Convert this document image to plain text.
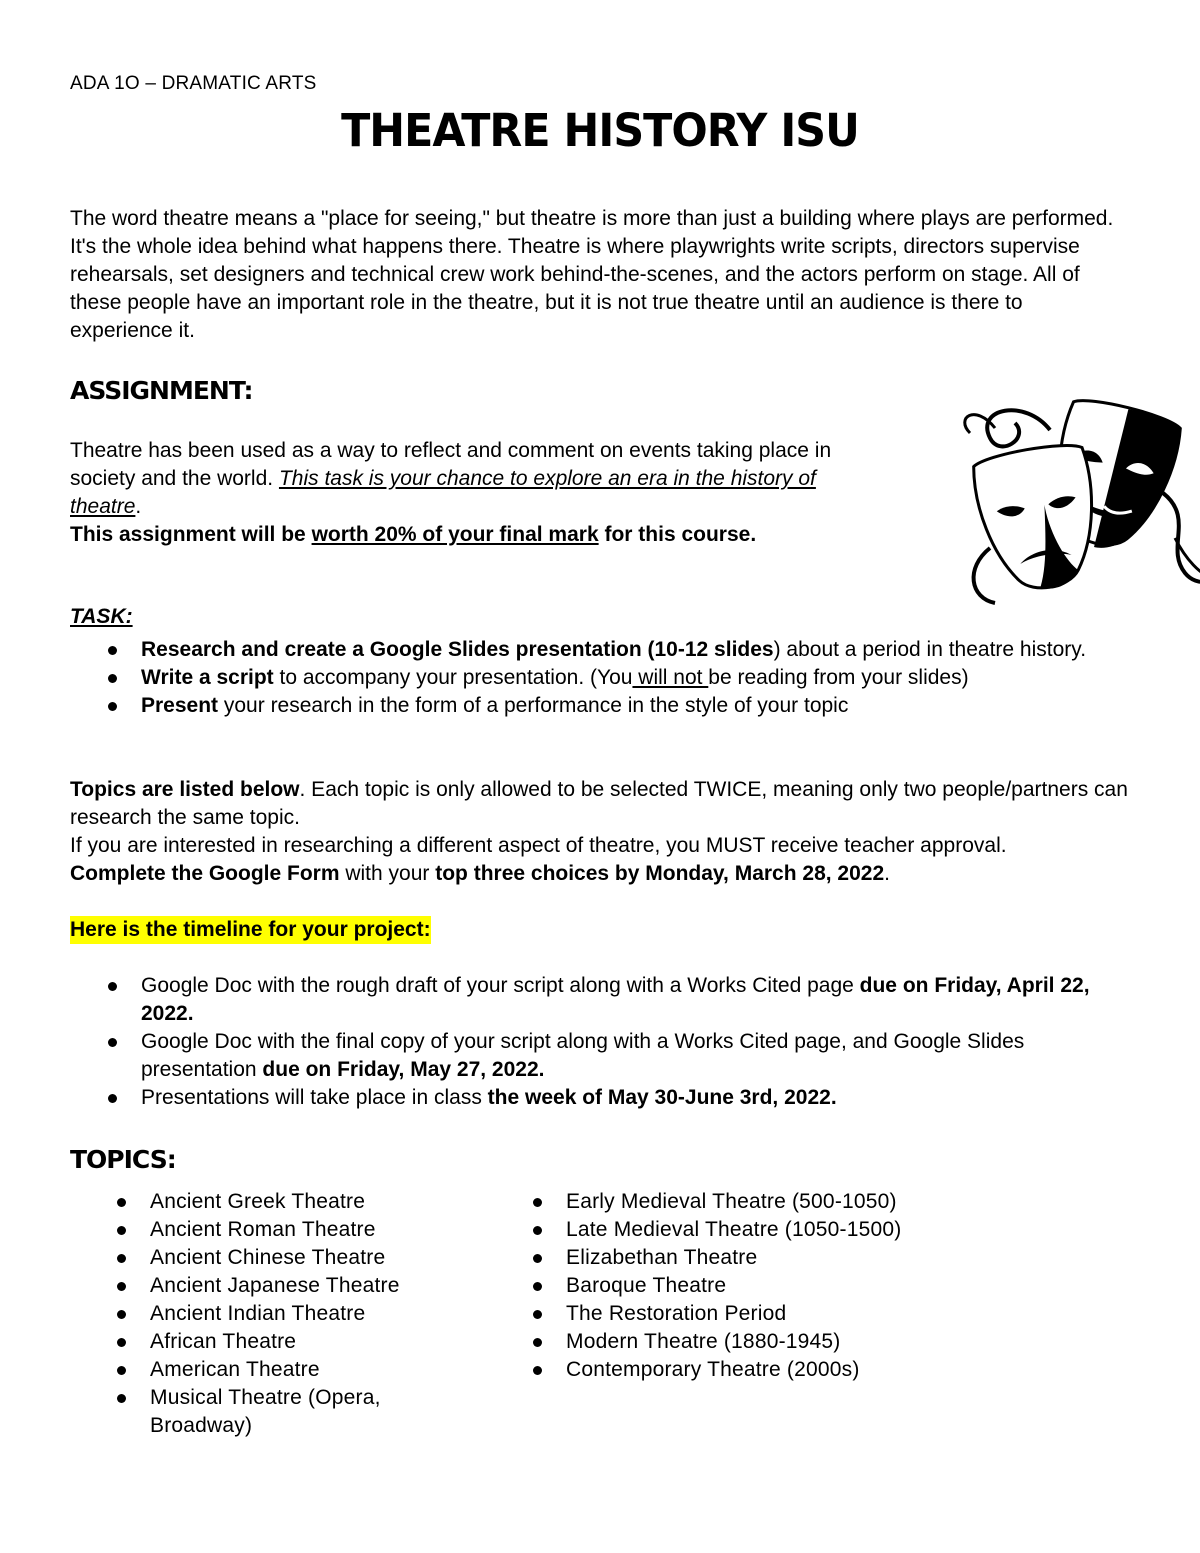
ADA 1O – DRAMATIC ARTS
THEATRE HISTORY ISU

The word theatre means a "place for seeing," but theatre is more than just a building where plays are performed. It's the whole idea behind what happens there. Theatre is where playwrights write scripts, directors supervise rehearsals, set designers and technical crew work behind-the-scenes, and the actors perform on stage. All of these people have an important role in the theatre, but it is not true theatre until an audience is there to experience it.

ASSIGNMENT:

Theatre has been used as a way to reflect and comment on events taking place in society and the world. This task is your chance to explore an era in the history of theatre.

This assignment will be worth 20% of your final mark for this course.

TASK:
Research and create a Google Slides presentation (10-12 slides) about a period in theatre history.
Write a script to accompany your presentation. (You will not be reading from your slides)
Present your research in the form of a performance in the style of your topic

Topics are listed below. Each topic is only allowed to be selected TWICE, meaning only two people/partners can research the same topic.

If you are interested in researching a different aspect of theatre, you MUST receive teacher approval.

Complete the Google Form with your top three choices by Monday, March 28, 2022.

Here is the timeline for your project:
Google Doc with the rough draft of your script along with a Works Cited page due on Friday, April 22, 2022.
Google Doc with the final copy of your script along with a Works Cited page, and Google Slides presentation due on Friday, May 27, 2022.
Presentations will take place in class the week of May 30-June 3rd, 2022.
TOPICS:
Ancient Greek Theatre
Ancient Roman Theatre
Ancient Chinese Theatre
Ancient Japanese Theatre
Ancient Indian Theatre
African Theatre
American Theatre
Musical Theatre (Opera, Broadway)
Early Medieval Theatre (500-1050)
Late Medieval Theatre (1050-1500)
Elizabethan Theatre
Baroque Theatre
The Restoration Period
Modern Theatre (1880-1945)
Contemporary Theatre (2000s)
